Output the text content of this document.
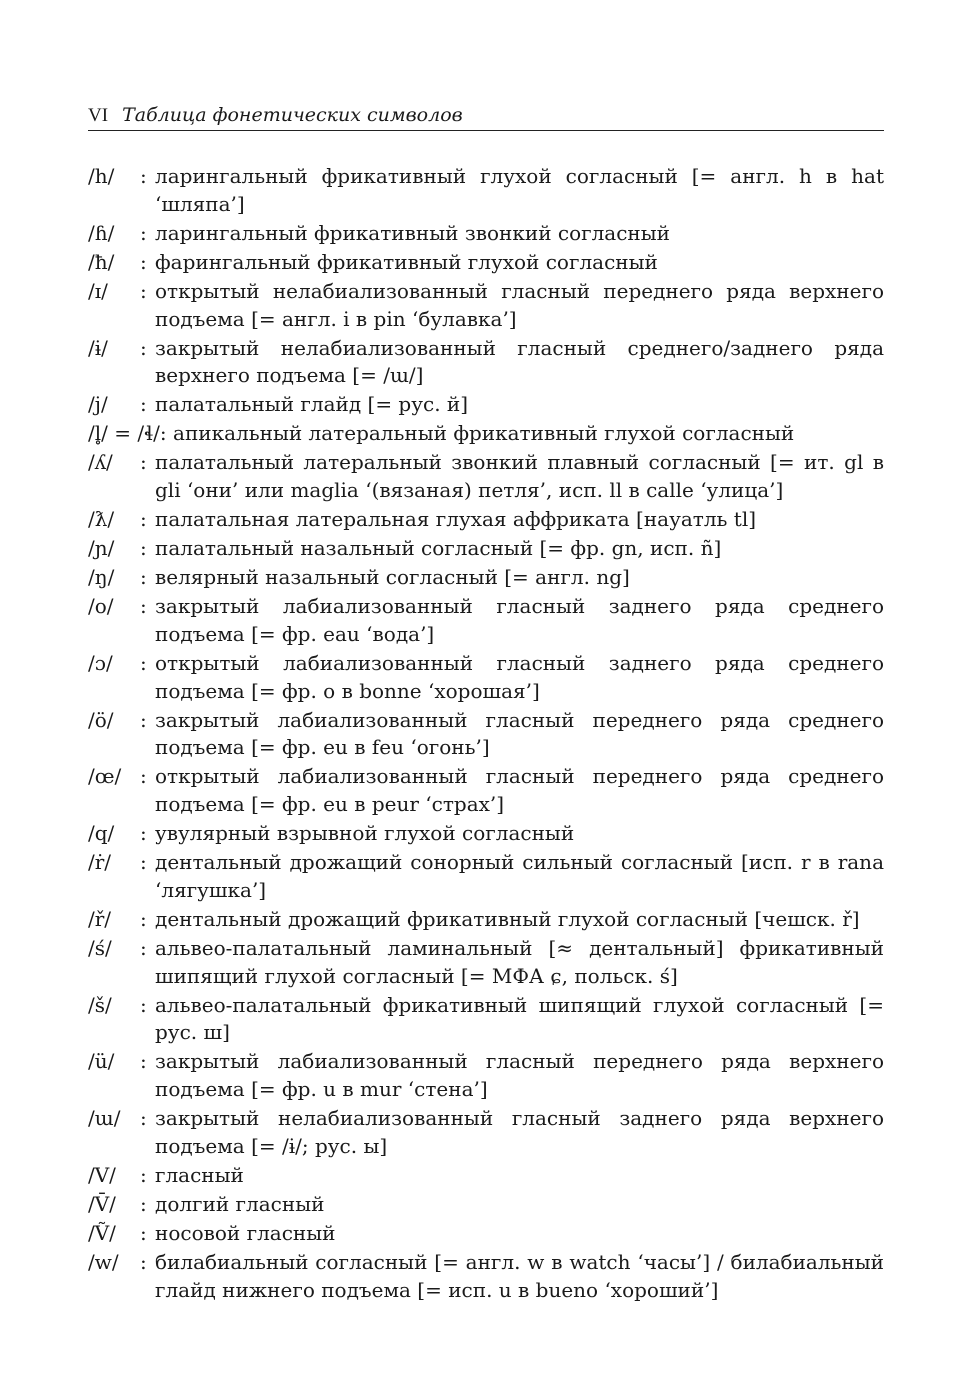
VI Таблица фонетических символов
/h/ : ларингальный фрикативный глухой согласный [= англ. h в hat ‘шляпа’]
/ɦ/ : ларингальный фрикативный звонкий согласный
/ħ/ : фарингальный фрикативный глухой согласный
/ɪ/ : открытый нелабиализованный гласный переднего ряда верхнего подъема [= англ. i в pin ‘булавка’]
/ɨ/ : закрытый нелабиализованный гласный среднего/заднего ряда верхнего подъема [= /ɯ/]
/j/ : палатальный глайд [= рус. й]
/l̥/ = /ɬ/: апикальный латеральный фрикативный глухой согласный
/ʎ/ : палатальный латеральный звонкий плавный согласный [= ит. gl в gli ‘они’ или maglia ‘(вязаная) петля’, исп. ll в calle ‘улица’]
/ƛ/ : палатальная латеральная глухая аффриката [науатль tl]
/ɲ/ : палатальный назальный согласный [= фр. gn, исп. ñ]
/ŋ/ : велярный назальный согласный [= англ. ng]
/o/ : закрытый лабиализованный гласный заднего ряда среднего подъема [= фр. eau ‘вода’]
/ɔ/ : открытый лабиализованный гласный заднего ряда среднего подъема [= фр. o в bonne ‘хорошая’]
/ö/ : закрытый лабиализованный гласный переднего ряда среднего подъема [= фр. eu в feu ‘огонь’]
/œ/ : открытый лабиализованный гласный переднего ряда среднего подъема [= фр. eu в peur ‘страх’]
/q/ : увулярный взрывной глухой согласный
/ṙ/ : дентальный дрожащий сонорный сильный согласный [исп. r в rana ‘лягушка’]
/ř/ : дентальный дрожащий фрикативный глухой согласный [чешск. ř]
/ś/ : альвео-палатальный ламинальный [≈ дентальный] фрикативный шипящий глухой согласный [= МФА ɕ, польск. ś]
/š/ : альвео-палатальный фрикативный шипящий глухой согласный [= рус. ш]
/ü/ : закрытый лабиализованный гласный переднего ряда верхнего подъема [= фр. u в mur ‘стена’]
/ɯ/ : закрытый нелабиализованный гласный заднего ряда верхнего подъема [= /ɨ/; рус. ы]
/V/ : гласный
/V̄/ : долгий гласный
/Ṽ/ : носовой гласный
/w/ : билабиальный согласный [= англ. w в watch ‘часы’] / билабиальный глайд нижнего подъема [= исп. u в bueno ‘хороший’]
